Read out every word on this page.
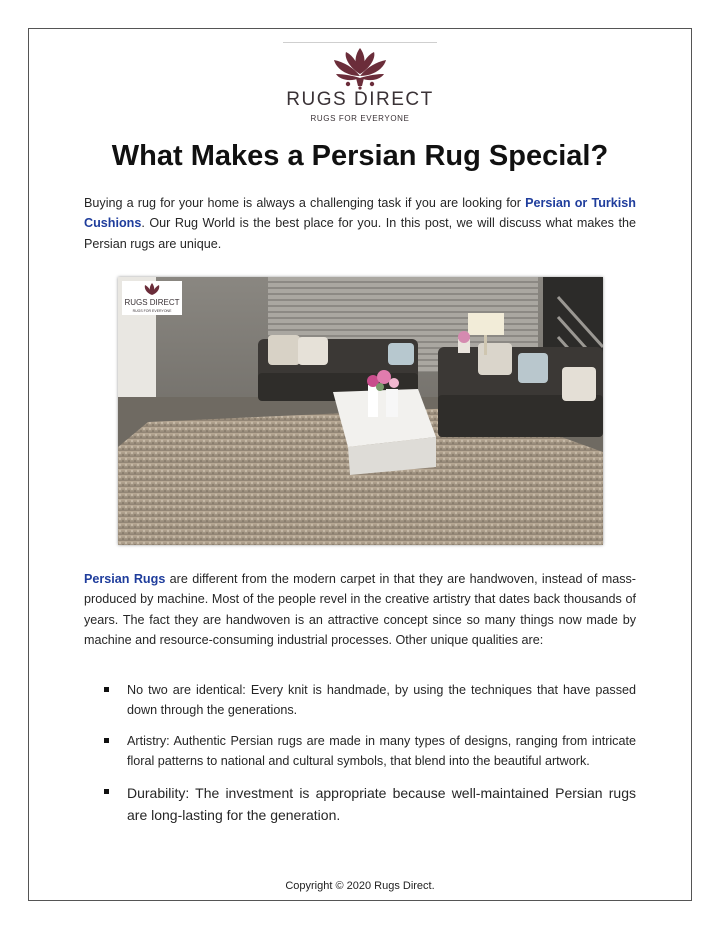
RUGS DIRECT
RUGS FOR EVERYONE
What Makes a Persian Rug Special?

Buying a rug for your home is always a challenging task if you are looking for Persian or Turkish Cushions. Our Rug World is the best place for you. In this post, we will discuss what makes the Persian rugs are unique.

RUGS DIRECT
RUGS FOR EVERYONE

Persian Rugs are different from the modern carpet in that they are handwoven, instead of mass-produced by machine. Most of the people revel in the creative artistry that dates back thousands of years. The fact they are handwoven is an attractive concept since so many things now made by machine and resource-consuming industrial processes. Other unique qualities are:

No two are identical: Every knit is handmade, by using the techniques that have passed down through the generations.
Artistry: Authentic Persian rugs are made in many types of designs, ranging from intricate floral patterns to national and cultural symbols, that blend into the beautiful artwork.
Durability: The investment is appropriate because well-maintained Persian rugs are long-lasting for the generation.
Copyright © 2020 Rugs Direct.
